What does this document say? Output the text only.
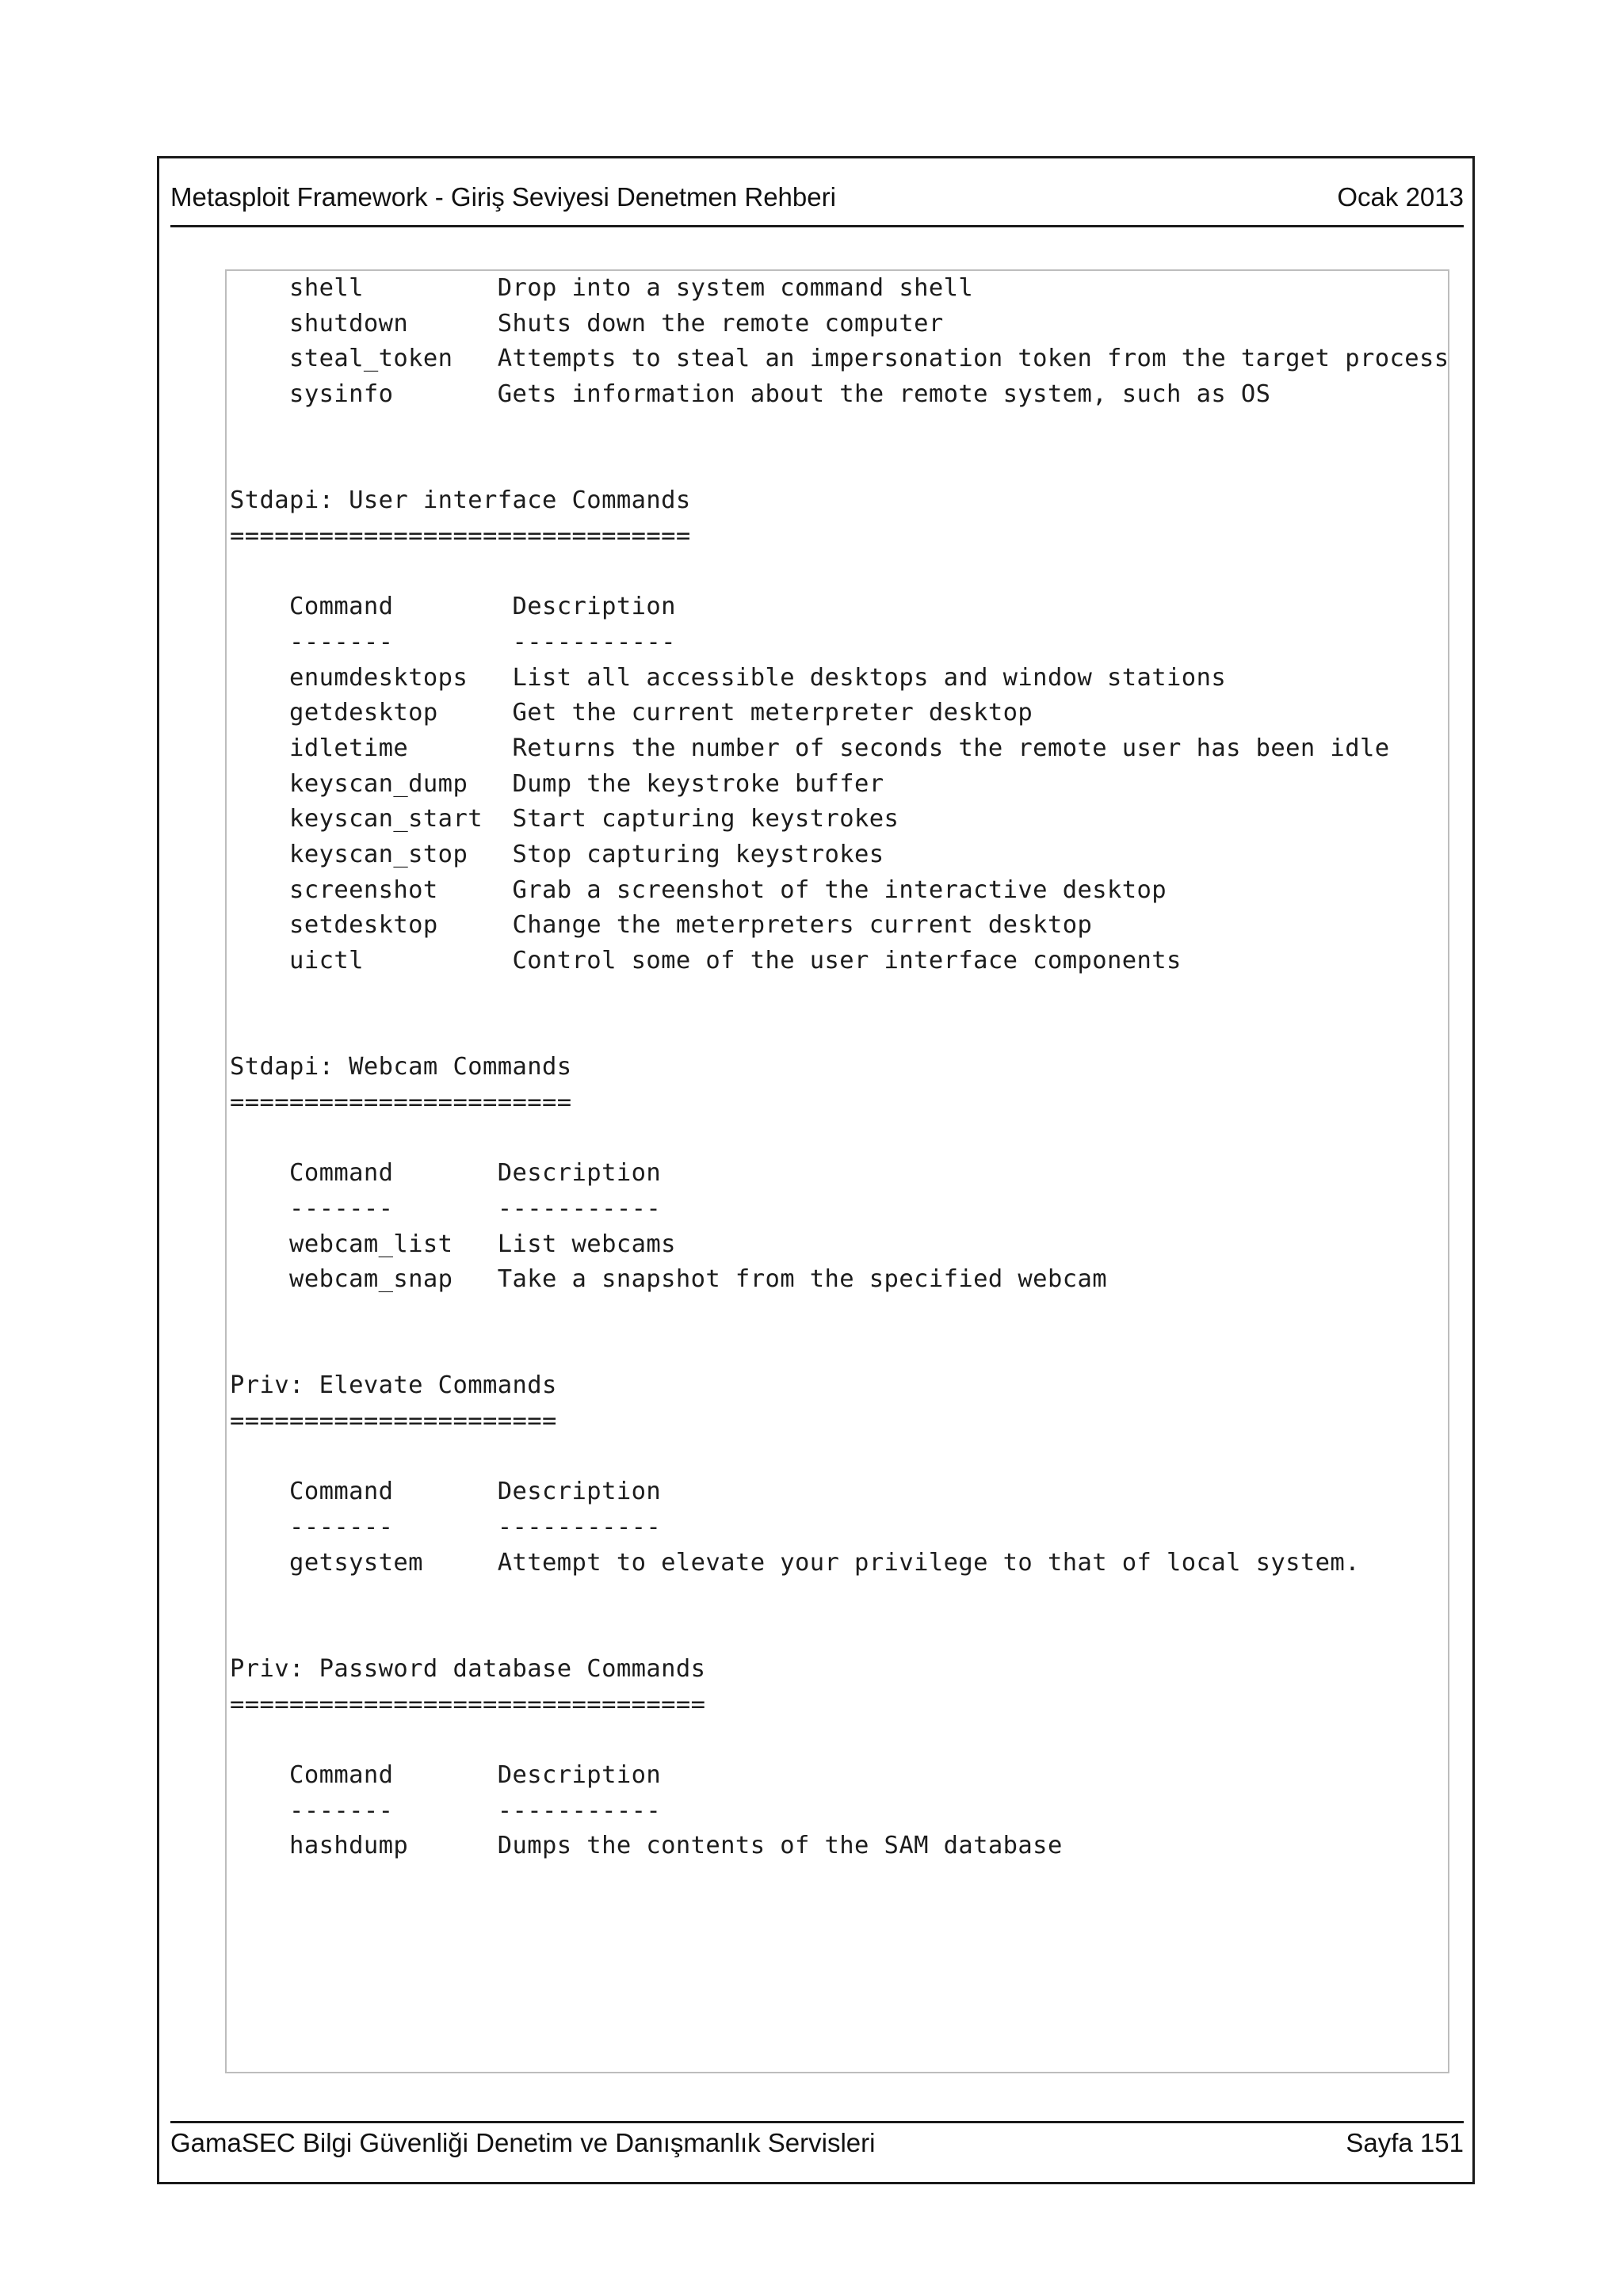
Metasploit Framework - Giriş Seviyesi Denetmen Rehberi	Ocak 2013
shell         Drop into a system command shell
shutdown      Shuts down the remote computer
steal_token   Attempts to steal an impersonation token from the target process
sysinfo       Gets information about the remote system, such as OS

Stdapi: User interface Commands
===============================

Command        Description
-------        -----------
enumdesktops   List all accessible desktops and window stations
getdesktop     Get the current meterpreter desktop
idletime       Returns the number of seconds the remote user has been idle
keyscan_dump   Dump the keystroke buffer
keyscan_start  Start capturing keystrokes
keyscan_stop   Stop capturing keystrokes
screenshot     Grab a screenshot of the interactive desktop
setdesktop     Change the meterpreters current desktop
uictl          Control some of the user interface components

Stdapi: Webcam Commands
=======================

Command       Description
-------       -----------
webcam_list   List webcams
webcam_snap   Take a snapshot from the specified webcam

Priv: Elevate Commands
======================

Command       Description
-------       -----------
getsystem     Attempt to elevate your privilege to that of local system.

Priv: Password database Commands
================================

Command       Description
-------       -----------
hashdump      Dumps the contents of the SAM database
GamaSEC Bilgi Güvenliği Denetim ve Danışmanlık Servisleri	Sayfa 151
